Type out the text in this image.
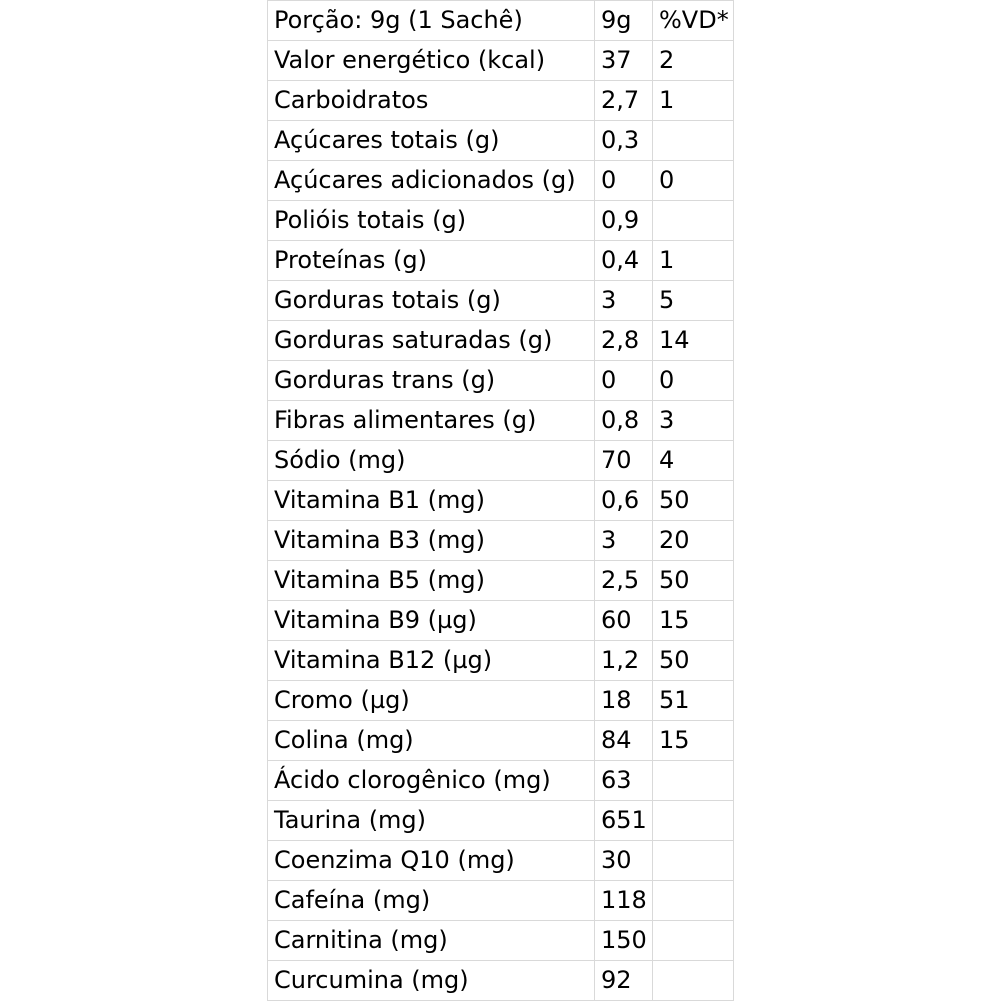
Porção: 9g (1 Sachê)	9g	%VD*
Valor energético (kcal)	37	2
Carboidratos	2,7	1
Açúcares totais (g)	0,3	
Açúcares adicionados (g)	0	0
Polióis totais (g)	0,9	
Proteínas (g)	0,4	1
Gorduras totais (g)	3	5
Gorduras saturadas (g)	2,8	14
Gorduras trans (g)	0	0
Fibras alimentares (g)	0,8	3
Sódio (mg)	70	4
Vitamina B1 (mg)	0,6	50
Vitamina B3 (mg)	3	20
Vitamina B5 (mg)	2,5	50
Vitamina B9 (µg)	60	15
Vitamina B12 (µg)	1,2	50
Cromo (µg)	18	51
Colina (mg)	84	15
Ácido clorogênico (mg)	63	
Taurina (mg)	651	
Coenzima Q10 (mg)	30	
Cafeína (mg)	118	
Carnitina (mg)	150	
Curcumina (mg)	92	
